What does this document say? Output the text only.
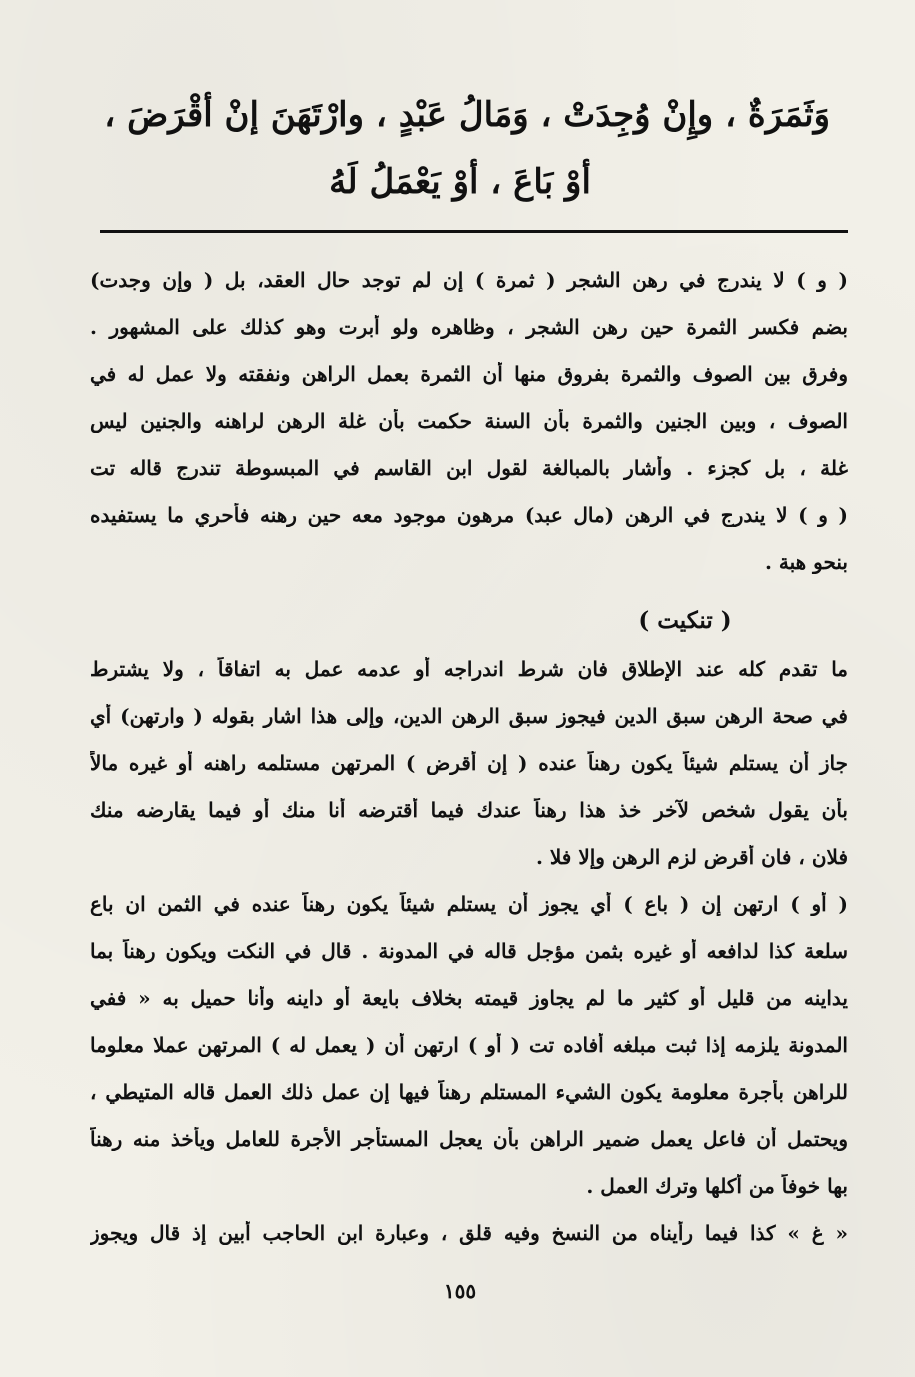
وَثَمَرَةٌ ، وإِنْ وُجِدَتْ ، وَمَالُ عَبْدٍ ، وارْتَهَنَ إنْ أقْرَضَ ،
أوْ بَاعَ ، أوْ يَعْمَلُ لَهُ
( و ) لا يندرج في رهن الشجر ( ثمرة ) إن لم توجد حال العقد، بل ( وإن وجدت)
بضم فكسر الثمرة حين رهن الشجر ، وظاهره ولو أبرت وهو كذلك على المشهور .
وفرق بين الصوف والثمرة بفروق منها أن الثمرة بعمل الراهن ونفقته ولا عمل له في
الصوف ، وبين الجنين والثمرة بأن السنة حكمت بأن غلة الرهن لراهنه والجنين ليس
غلة ، بل كجزء . وأشار بالمبالغة لقول ابن القاسم في المبسوطة تندرج قاله تت
( و ) لا يندرج في الرهن (مال عبد) مرهون موجود معه حين رهنه فأحري ما يستفيده
بنحو هبة .
( تنكيت )
ما تقدم كله عند الإطلاق فان شرط اندراجه أو عدمه عمل به اتفاقاً ، ولا يشترط
في صحة الرهن سبق الدين فيجوز سبق الرهن الدين، وإلى هذا اشار بقوله ( وارتهن) أي
جاز أن يستلم شيئاً يكون رهناً عنده ( إن أقرض ) المرتهن مستلمه راهنه أو غيره مالاً
بأن يقول شخص لآخر خذ هذا رهناً عندك فيما أقترضه أنا منك أو فيما يقارضه منك
فلان ، فان أقرض لزم الرهن وإلا فلا .
( أو ) ارتهن إن ( باع ) أي يجوز أن يستلم شيئاً يكون رهناً عنده في الثمن ان باع
سلعة كذا لدافعه أو غيره بثمن مؤجل قاله في المدونة . قال في النكت ويكون رهناً بما
يداينه من قليل أو كثير ما لم يجاوز قيمته بخلاف بايعة أو داينه وأنا حميل به « ففي
المدونة يلزمه إذا ثبت مبلغه أفاده تت ( أو ) ارتهن أن ( يعمل له ) المرتهن عملا معلوما
للراهن بأجرة معلومة يكون الشيء المستلم رهناً فيها إن عمل ذلك العمل قاله المتيطي ،
ويحتمل أن فاعل يعمل ضمير الراهن بأن يعجل المستأجر الأجرة للعامل ويأخذ منه رهناً
بها خوفاً من أكلها وترك العمل .
« غ » كذا فيما رأيناه من النسخ وفيه قلق ، وعبارة ابن الحاجب أبين إذ قال ويجوز
١٥٥
